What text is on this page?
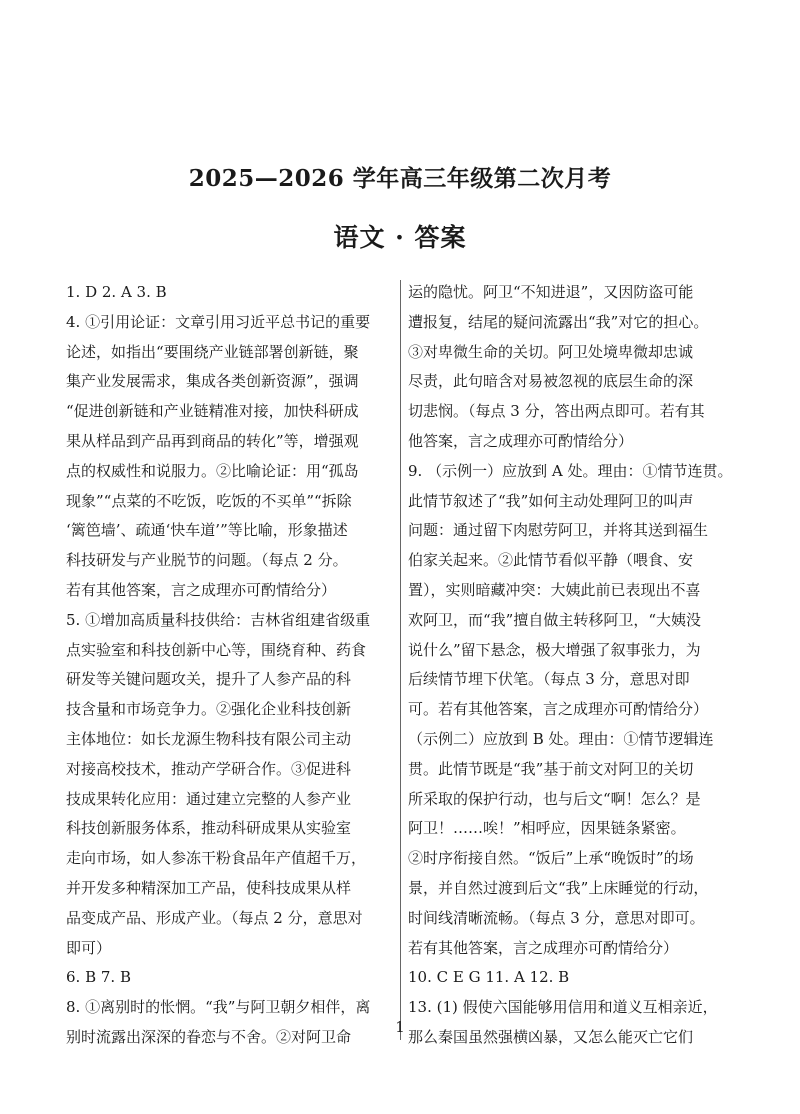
2025—2026 学年高三年级第二次月考
语文 · 答案
1. D 2. A 3. B
4. ①引用论证：文章引用习近平总书记的重要
论述，如指出“要围绕产业链部署创新链，聚
集产业发展需求，集成各类创新资源”，强调
“促进创新链和产业链精准对接，加快科研成
果从样品到产品再到商品的转化”等，增强观
点的权威性和说服力。②比喻论证：用“孤岛
现象”“点菜的不吃饭，吃饭的不买单”“拆除
‘篱笆墙’、疏通‘快车道’”等比喻，形象描述
科技研发与产业脱节的问题。（每点 2 分。
若有其他答案，言之成理亦可酌情给分）
5. ①增加高质量科技供给：吉林省组建省级重
点实验室和科技创新中心等，围绕育种、药食
研发等关键问题攻关，提升了人参产品的科
技含量和市场竞争力。②强化企业科技创新
主体地位：如长龙源生物科技有限公司主动
对接高校技术，推动产学研合作。③促进科
技成果转化应用：通过建立完整的人参产业
科技创新服务体系，推动科研成果从实验室
走向市场，如人参冻干粉食品年产值超千万，
并开发多种精深加工产品，使科技成果从样
品变成产品、形成产业。（每点 2 分，意思对
即可）
6. B 7. B
8. ①离别时的怅惘。“我”与阿卫朝夕相伴，离
别时流露出深深的眷恋与不舍。②对阿卫命
运的隐忧。阿卫“不知进退”，又因防盗可能
遭报复，结尾的疑问流露出“我”对它的担心。
③对卑微生命的关切。阿卫处境卑微却忠诚
尽责，此句暗含对易被忽视的底层生命的深
切悲悯。（每点 3 分，答出两点即可。若有其
他答案，言之成理亦可酌情给分）
9. （示例一）应放到 A 处。理由：①情节连贯。
此情节叙述了“我”如何主动处理阿卫的叫声
问题：通过留下肉慰劳阿卫，并将其送到福生
伯家关起来。②此情节看似平静（喂食、安
置），实则暗藏冲突：大姨此前已表现出不喜
欢阿卫，而“我”擅自做主转移阿卫，“大姨没
说什么”留下悬念，极大增强了叙事张力，为
后续情节埋下伏笔。（每点 3 分，意思对即
可。若有其他答案，言之成理亦可酌情给分）
（示例二）应放到 B 处。理由：①情节逻辑连
贯。此情节既是“我”基于前文对阿卫的关切
所采取的保护行动，也与后文“啊！怎么？是
阿卫！……唉！”相呼应，因果链条紧密。
②时序衔接自然。“饭后”上承“晚饭时”的场
景，并自然过渡到后文“我”上床睡觉的行动，
时间线清晰流畅。（每点 3 分，意思对即可。
若有其他答案，言之成理亦可酌情给分）
10. C E G 11. A 12. B
13. (1) 假使六国能够用信用和道义互相亲近，
那么秦国虽然强横凶暴，又怎么能灭亡它们
1
